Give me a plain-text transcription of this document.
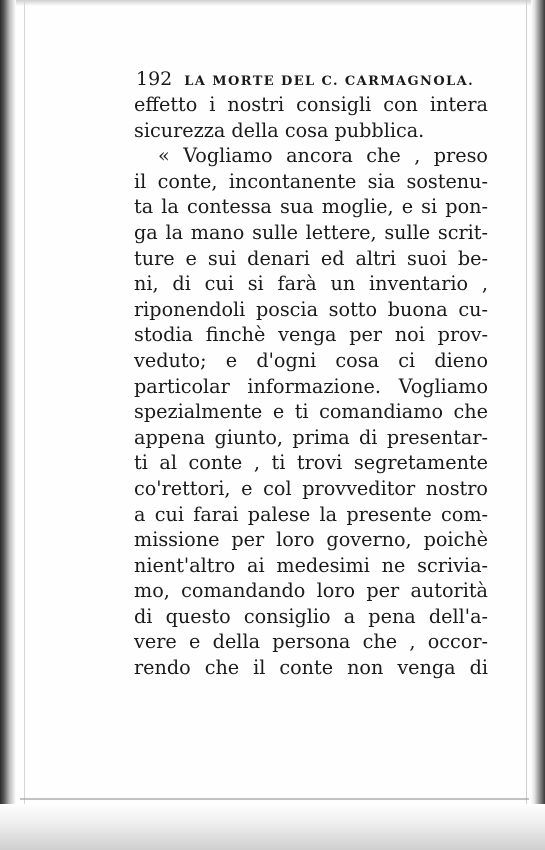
192 LA MORTE DEL C. CARMAGNOLA.
effetto i nostri consigli con intera
sicurezza della cosa pubblica.
« Vogliamo ancora che , preso
il conte, incontanente sia sostenu-
ta la contessa sua moglie, e si pon-
ga la mano sulle lettere, sulle scrit-
ture e sui denari ed altri suoi be-
ni, di cui si farà un inventario ,
riponendoli poscia sotto buona cu-
stodia finchè venga per noi prov-
veduto; e d'ogni cosa ci dieno
particolar informazione. Vogliamo
spezialmente e ti comandiamo che
appena giunto, prima di presentar-
ti al conte , ti trovi segretamente
co'rettori, e col provveditor nostro
a cui farai palese la presente com-
missione per loro governo, poichè
nient'altro ai medesimi ne scrivia-
mo, comandando loro per autorità
di questo consiglio a pena dell'a-
vere e della persona che , occor-
rendo che il conte non venga di
